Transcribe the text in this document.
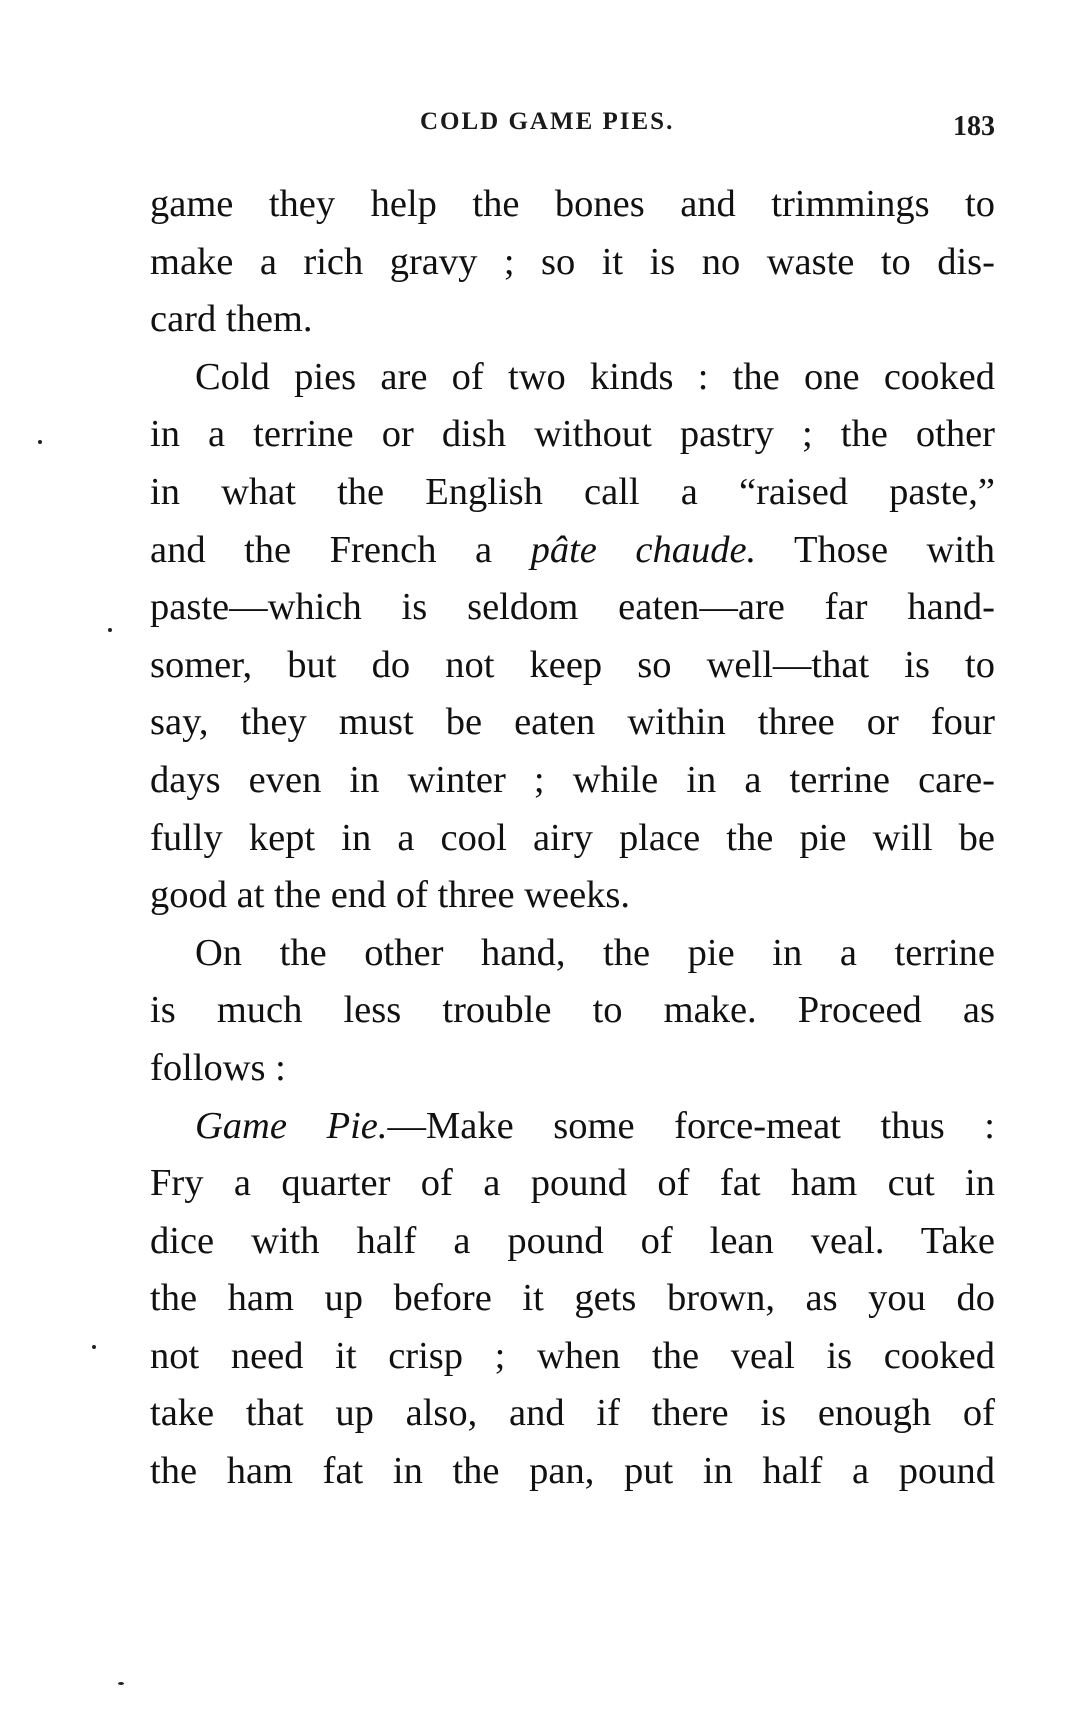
COLD GAME PIES.	183
game they help the bones and trimmings to
make a rich gravy ; so it is no waste to dis-
card them.
Cold pies are of two kinds : the one cooked
in a terrine or dish without pastry ; the other
in what the English call a “raised paste,”
and the French a pâte chaude. Those with
paste—which is seldom eaten—are far hand-
somer, but do not keep so well—that is to
say, they must be eaten within three or four
days even in winter ; while in a terrine care-
fully kept in a cool airy place the pie will be
good at the end of three weeks.
On the other hand, the pie in a terrine
is much less trouble to make. Proceed as
follows :
Game Pie.—Make some force-meat thus :
Fry a quarter of a pound of fat ham cut in
dice with half a pound of lean veal. Take
the ham up before it gets brown, as you do
not need it crisp ; when the veal is cooked
take that up also, and if there is enough of
the ham fat in the pan, put in half a pound
